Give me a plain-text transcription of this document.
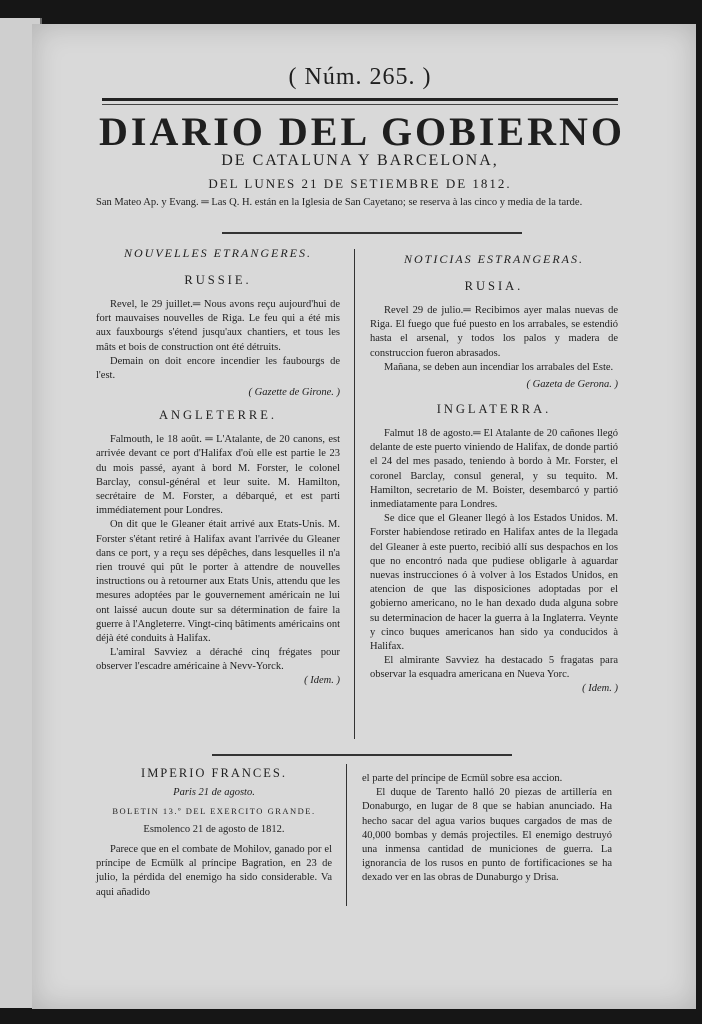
( Núm. 265. )
DIARIO DEL GOBIERNO
DE CATALUNA Y BARCELONA,
DEL LUNES 21 DE SETIEMBRE DE 1812.
San Mateo Ap. y Evang. ═ Las Q. H. están en la Iglesia de San Cayetano; se reserva à las cinco y media de la tarde.
NOUVELLES ETRANGERES.
RUSSIE.

Revel, le 29 juillet.═ Nous avons reçu aujourd'hui de fort mauvaises nouvelles de Riga. Le feu qui a été mis aux fauxbourgs s'étend jusqu'aux chantiers, et tous les mâts et bois de construction ont été détruits.

Demain on doit encore incendier les faubourgs de l'est.

( Gazette de Girone. )
ANGLETERRE.

Falmouth, le 18 août. ═ L'Atalante, de 20 canons, est arrivée devant ce port d'Halifax d'où elle est partie le 23 du mois passé, ayant à bord M. Forster, le colonel Barclay, consul-général et leur suite. M. Hamilton, secrétaire de M. Forster, a débarqué, et est parti immédiatement pour Londres.

On dit que le Gleaner était arrivé aux Etats-Unis. M. Forster s'étant retiré à Halifax avant l'arrivée du Gleaner dans ce port, y a reçu ses dépêches, dans lesquelles il n'a rien trouvé qui pût le porter à attendre de nouvelles instructions ou à retourner aux Etats Unis, attendu que les mesures adoptées par le gouvernement américain ne lui ont laissé aucun doute sur sa détermination de faire la guerre à l'Angleterre. Vingt-cinq bâtiments américains ont déjà été conduits à Halifax.

L'amiral Savviez a déraché cinq frégates pour observer l'escadre américaine à Nevv-Yorck.

( Idem. )
NOTICIAS ESTRANGERAS.
RUSIA.

Revel 29 de julio.═ Recibimos ayer malas nuevas de Riga. El fuego que fué puesto en los arrabales, se estendió hasta el arsenal, y todos los palos y madera de construccion fueron abrasados.

Mañana, se deben aun incendiar los arrabales del Este.

( Gazeta de Gerona. )
INGLATERRA.

Falmut 18 de agosto.═ El Atalante de 20 cañones llegó delante de este puerto viniendo de Halifax, de donde partió el 24 del mes pasado, teniendo à bordo à Mr. Forster, el coronel Barclay, consul general, y su tequito. M. Hamilton, secretario de M. Boister, desembarcó y partió inmediatamente para Londres.

Se dice que el Gleaner llegó à los Estados Unidos. M. Forster habiendose retirado en Halifax antes de la llegada del Gleaner à este puerto, recibió allí sus despachos en los que no encontró nada que pudiese obligarle à aguardar nuevas instrucciones ó à volver à los Estados Unidos, en atencion de que las disposiciones adoptadas por el gobierno americano, no le han dexado duda alguna sobre su determinacion de hacer la guerra à la Inglaterra. Veynte y cinco buques americanos han sido ya conducidos à Halifax.

El almirante Savviez ha destacado 5 fragatas para observar la esquadra americana en Nueva Yorc.

( Idem. )
IMPERIO FRANCES.
Paris 21 de agosto.
BOLETIN 13.º DEL EXERCITO GRANDE.
Esmolenco 21 de agosto de 1812.

Parece que en el combate de Mohilov, ganado por el príncipe de Ecmülk al príncipe Bagration, en 23 de julio, la pérdida del enemigo ha sido considerable. Va aqui añadido

el parte del príncipe de Ecmül sobre esa accion.

El duque de Tarento halló 20 piezas de artillería en Donaburgo, en lugar de 8 que se habian anunciado. Ha hecho sacar del agua varios buques cargados de mas de 40,000 bombas y demás projectiles. El enemigo destruyó una inmensa cantidad de municiones de guerra. La ignorancia de los rusos en punto de fortificaciones se ha dexado ver en las obras de Dunaburgo y Drisa.
